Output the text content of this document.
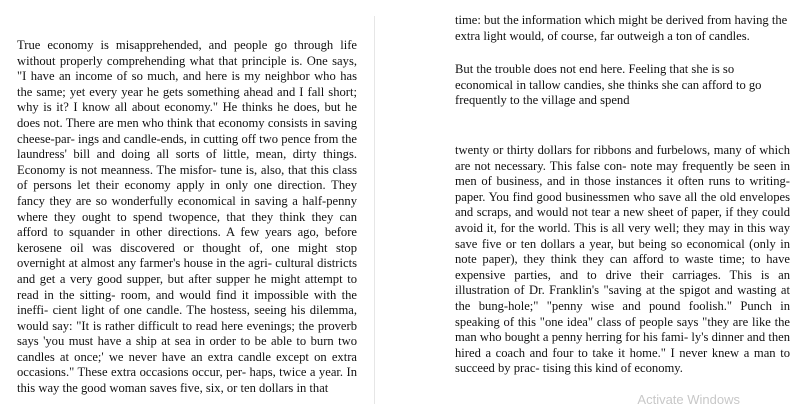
True economy is misapprehended, and people go through life without properly comprehending what that principle is. One says, "I have an income of so much, and here is my neighbor who has the same; yet every year he gets something ahead and I fall short; why is it? I know all about economy." He thinks he does, but he does not. There are men who think that economy consists in saving cheese-par- ings and candle-ends, in cutting off two pence from the laundress' bill and doing all sorts of little, mean, dirty things. Economy is not meanness. The misfor- tune is, also, that this class of persons let their economy apply in only one direction. They fancy they are so wonderfully economical in saving a half-penny where they ought to spend twopence, that they think they can afford to squander in other directions. A few years ago, before kerosene oil was discovered or thought of, one might stop overnight at almost any farmer's house in the agri- cultural districts and get a very good supper, but after supper he might attempt to read in the sitting- room, and would find it impossible with the ineffi- cient light of one candle. The hostess, seeing his dilemma, would say: "It is rather difficult to read here evenings; the proverb says 'you must have a ship at sea in order to be able to burn two candles at once;' we never have an extra candle except on extra occasions." These extra occasions occur, per- haps, twice a year. In this way the good woman saves five, six, or ten dollars in that

time: but the information which might be derived from having the extra light would, of course, far outweigh a ton of candles.

But the trouble does not end here. Feeling that she is so economical in tallow candies, she thinks she can afford to go frequently to the village and spend

twenty or thirty dollars for ribbons and furbelows, many of which are not necessary. This false con- note may frequently be seen in men of business, and in those instances it often runs to writing-paper. You find good businessmen who save all the old envelopes and scraps, and would not tear a new sheet of paper, if they could avoid it, for the world. This is all very well; they may in this way save five or ten dollars a year, but being so economical (only in note paper), they think they can afford to waste time; to have expensive parties, and to drive their carriages. This is an illustration of Dr. Franklin's "saving at the spigot and wasting at the bung-hole;" "penny wise and pound foolish." Punch in speaking of this "one idea" class of people says "they are like the man who bought a penny herring for his fami- ly's dinner and then hired a coach and four to take it home." I never knew a man to succeed by prac- tising this kind of economy.

Activate Windows
